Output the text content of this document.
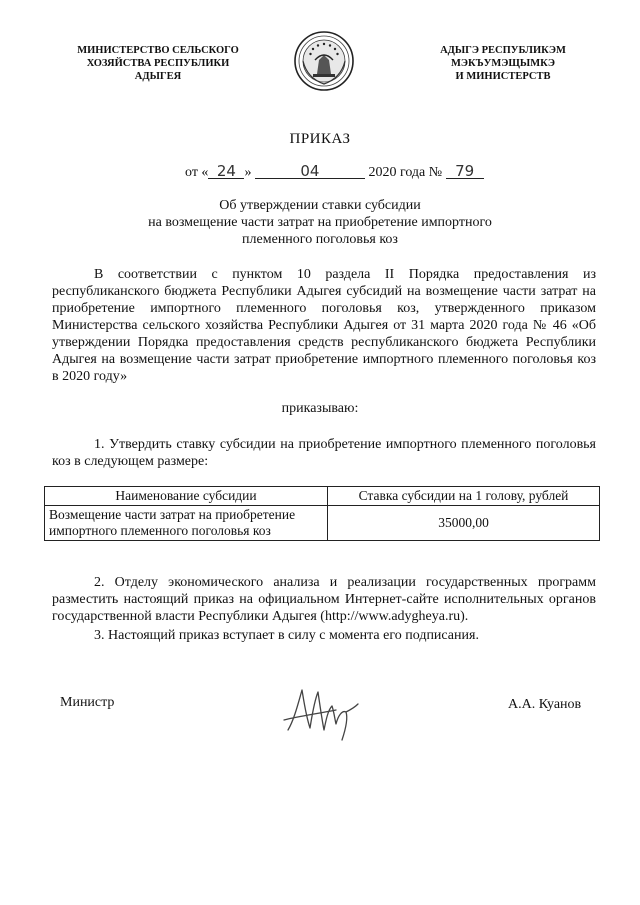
МИНИСТЕРСТВО СЕЛЬСКОГО
ХОЗЯЙСТВА РЕСПУБЛИКИ
АДЫГЕЯ
АДЫГЭ РЕСПУБЛИКЭМ
МЭКЪУМЭЩЫМКЭ
И МИНИСТЕРСТВ
ПРИКАЗ
от « 24 »	04	2020 года № 79
Об утверждении ставки субсидии
на возмещение части затрат на приобретение импортного
племенного поголовья коз
В соответствии с пунктом 10 раздела II Порядка предоставления из республиканского бюджета Республики Адыгея субсидий на возмещение части затрат на приобретение импортного племенного поголовья коз, утвержденного приказом Министерства сельского хозяйства Республики Адыгея от 31 марта 2020 года № 46 «Об утверждении Порядка предоставления средств республиканского бюджета Республики Адыгея на возмещение части затрат приобретение импортного племенного поголовья коз в 2020 году»
приказываю:
1. Утвердить ставку субсидии на приобретение импортного племенного поголовья коз в следующем размере:
Наименование субсидии	Ставка субсидии на 1 голову, рублей
Возмещение части затрат на приобретение импортного племенного поголовья коз	35000,00
2. Отделу экономического анализа и реализации государственных программ разместить настоящий приказ на официальном Интернет-сайте исполнительных органов государственной власти Республики Адыгея (http://www.adygheya.ru).
3. Настоящий приказ вступает в силу с момента его подписания.
Министр	А.А. Куанов
